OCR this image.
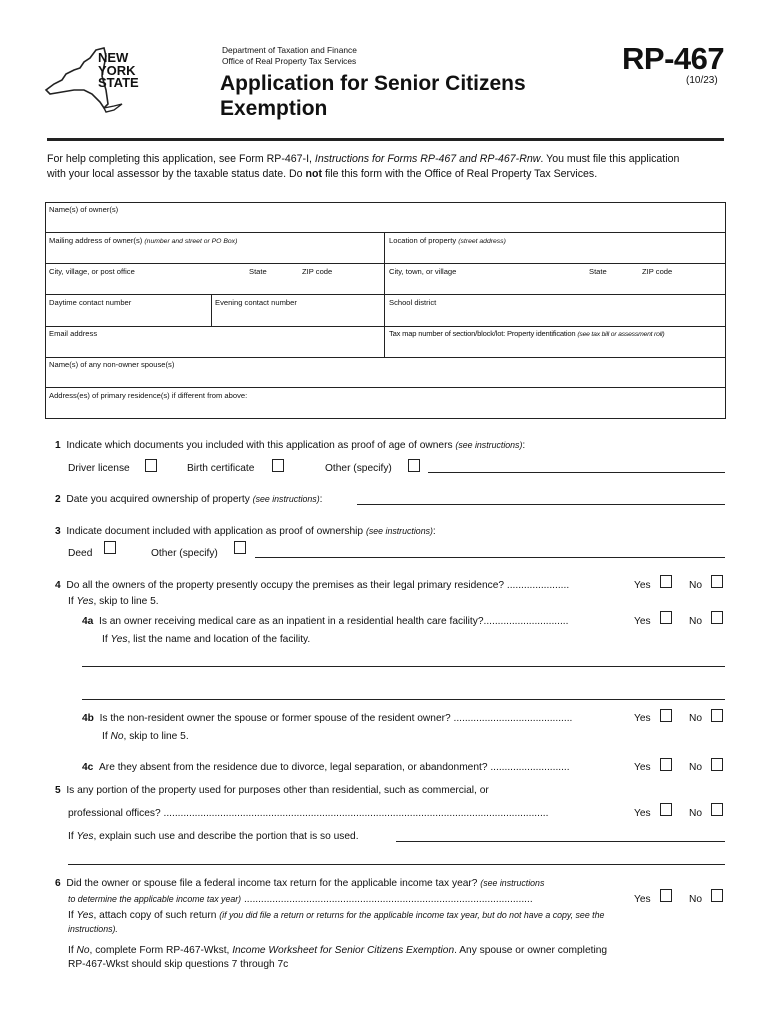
NEW
YORK
STATE
Department of Taxation and Finance
Office of Real Property Tax Services
Application for Senior Citizens
Exemption
RP-467
(10/23)
For help completing this application, see Form RP-467-I, Instructions for Forms RP-467 and RP-467-Rnw. You must file this application
with your local assessor by the taxable status date. Do not file this form with the Office of Real Property Tax Services.
Name(s) of owner(s)
Mailing address of owner(s) (number and street or PO Box)	Location of property (street address)
City, village, or post office	State	ZIP code	City, town, or village	State	ZIP code
Daytime contact number	Evening contact number	School district
Email address	Tax map number of section/block/lot: Property identification (see tax bill or assessment roll)
Name(s) of any non-owner spouse(s)
Address(es) of primary residence(s) if different from above:
1 Indicate which documents you included with this application as proof of age of owners (see instructions):
Driver license	Birth certificate	Other (specify)
2 Date you acquired ownership of property (see instructions):
3 Indicate document included with application as proof of ownership (see instructions):
Deed	Other (specify)
4 Do all the owners of the property presently occupy the premises as their legal primary residence? ......................
If Yes, skip to line 5.
Yes	No
4a Is an owner receiving medical care as an inpatient in a residential health care facility?..............................
If Yes, list the name and location of the facility.
Yes	No
4b Is the non-resident owner the spouse or former spouse of the resident owner? ..........................................
If No, skip to line 5.
Yes	No
4c Are they absent from the residence due to divorce, legal separation, or abandonment? ............................	Yes	No
5 Is any portion of the property used for purposes other than residential, such as commercial, or
professional offices? ........................................................................................................................................	Yes	No
If Yes, explain such use and describe the portion that is so used.
6 Did the owner or spouse file a federal income tax return for the applicable income tax year? (see instructions
to determine the applicable income tax year) ......................................................................................................	Yes	No
If Yes, attach copy of such return (if you did file a return or returns for the applicable income tax year, but do not have a copy, see the
instructions).
If No, complete Form RP-467-Wkst, Income Worksheet for Senior Citizens Exemption. Any spouse or owner completing
RP-467-Wkst should skip questions 7 through 7c
